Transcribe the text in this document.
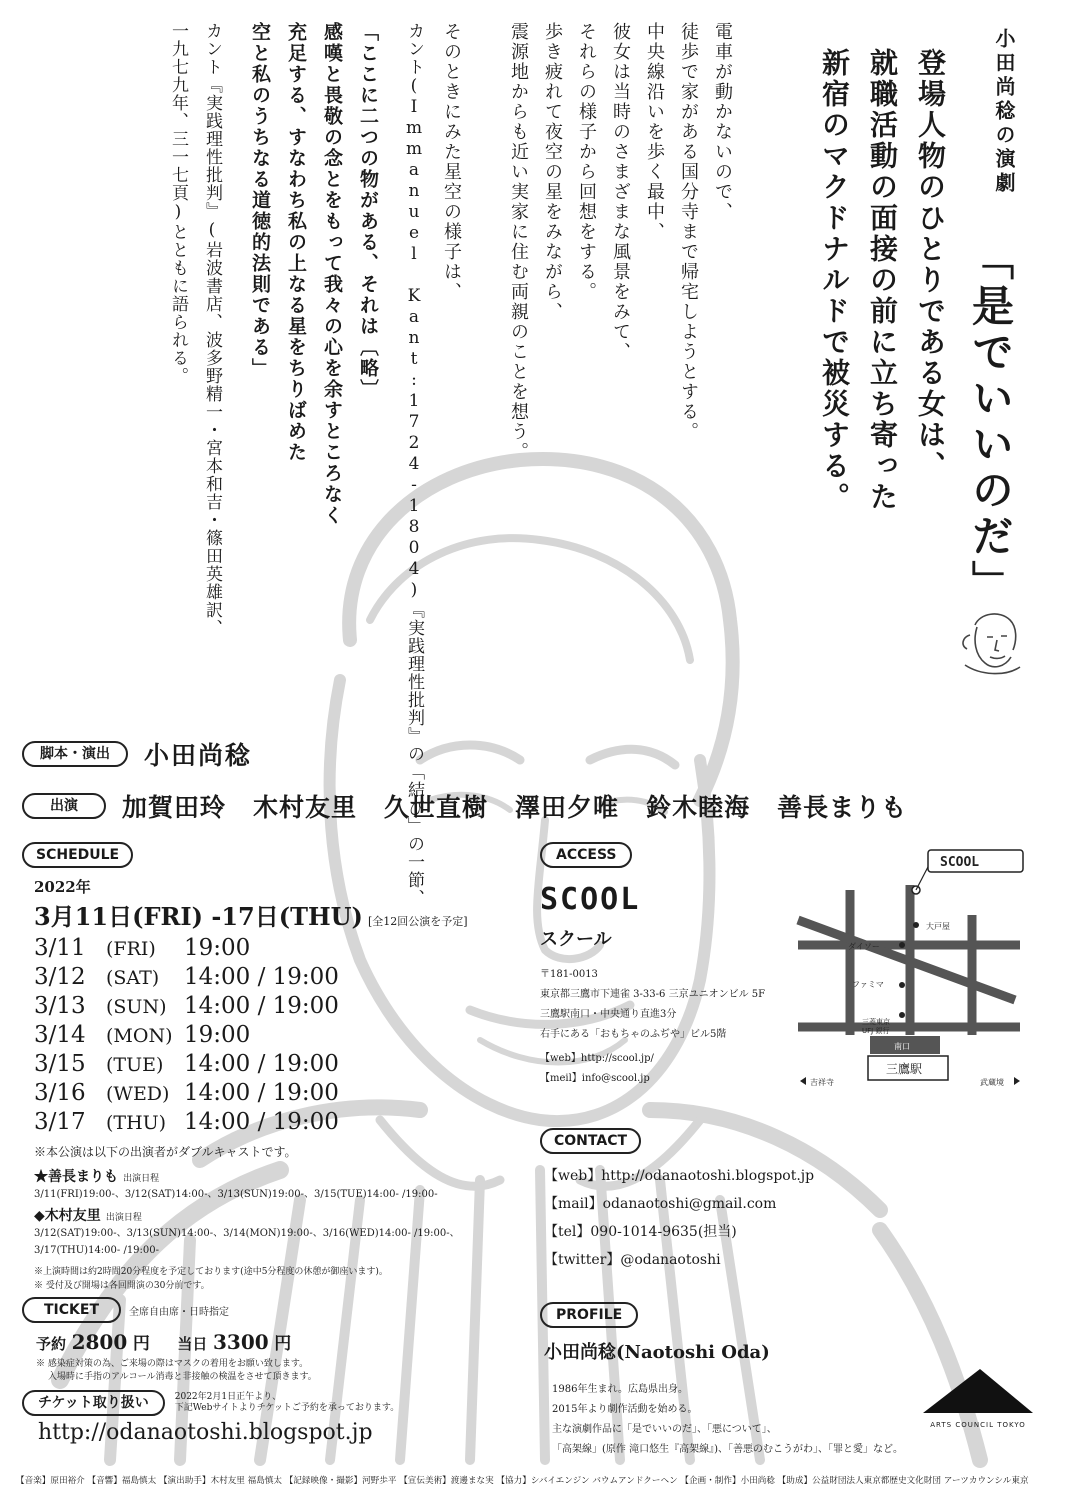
小田尚稔の演劇
「是でいいのだ」
登場人物のひとりである女は、
就職活動の面接の前に立ち寄った
新宿のマクドナルドで被災する。
電車が動かないので、
徒歩で家がある国分寺まで帰宅しようとする。
中央線沿いを歩く最中、
彼女は当時のさまざまな風景をみて、
それらの様子から回想をする。
歩き疲れて夜空の星をみながら、
震源地からも近い実家に住む両親のことを想う。
そのときにみた星空の様子は、
カント(Immanuel Kant:1724-1804)『実践理性批判』の「結び」の一節、
「ここに二つの物がある、それは〔略〕
感嘆と畏敬の念とをもって我々の心を余すところなく
充足する、すなわち私の上なる星をちりばめた
空と私のうちなる道徳的法則である」
カント『実践理性批判』(岩波書店、波多野精一・宮本和吉・篠田英雄訳、
一九七九年、三一七頁)とともに語られる。
脚本・演出	小田尚稔
出演	加賀田玲 木村友里 久世直樹 澤田夕唯 鈴木睦海 善長まりも
SCHEDULE
2022年
3月11日(FRI) -17日(THU) [全12回公演を予定]
3/11 (FRI) 19:00
3/12 (SAT) 14:00 / 19:00
3/13 (SUN) 14:00 / 19:00
3/14 (MON) 19:00
3/15 (TUE) 14:00 / 19:00
3/16 (WED) 14:00 / 19:00
3/17 (THU) 14:00 / 19:00
※本公演は以下の出演者がダブルキャストです。
★善長まりも 出演日程
3/11(FRI)19:00-、3/12(SAT)14:00-、3/13(SUN)19:00-、3/15(TUE)14:00- /19:00-
◆木村友里 出演日程
3/12(SAT)19:00-、3/13(SUN)14:00-、3/14(MON)19:00-、3/16(WED)14:00- /19:00-、
3/17(THU)14:00- /19:00-
※上演時間は約2時間20分程度を予定しております(途中5分程度の休憩が御座います)。
※ 受付及び開場は各回開演の30分前です。
TICKET	全席自由席・日時指定
予約 2800 円 当日 3300 円
※ 感染症対策の為、ご来場の際はマスクの着用をお願い致します。
入場時に手指のアルコール消毒と非接触の検温をさせて頂きます。
チケット取り扱い	2022年2月1日正午より、
下記Webサイトよりチケットご予約を承っております。
http://odanaotoshi.blogspot.jp
ACCESS
SCOOL
スクール
〒181-0013
東京都三鷹市下連雀 3-33-6 三京ユニオンビル 5F
三鷹駅南口・中央通り直進3分
右手にある「おもちゃのふぢや」ビル5階
【web】http://scool.jp/
【meil】info@scool.jp
大戸屋
ダイソー
ファミマ
三菱東京
UFJ 銀行
南口
三鷹駅
吉祥寺	武蔵境
SCOOL
CONTACT
【web】http://odanaotoshi.blogspot.jp
【mail】odanaotoshi@gmail.com
【tel】090-1014-9635(担当)
【twitter】@odanaotoshi
PROFILE
小田尚稔(Naotoshi Oda)
1986年生まれ。広島県出身。
2015年より劇作活動を始める。
主な演劇作品に「是でいいのだ」、「悪について」、
「高架線」(原作 滝口悠生『高架線』)、「善悪のむこうがわ」、「罪と愛」など。
ARTS COUNCIL TOKYO
【音楽】原田裕介 【音響】福島慎太 【演出助手】木村友里 福島慎太 【記録映像・撮影】河野歩平 【宣伝美術】渡邊まな実 【協力】シバイエンジン バウムアンドクーヘン 【企画・制作】小田尚稔 【助成】公益財団法人東京都歴史文化財団 アーツカウンシル東京
